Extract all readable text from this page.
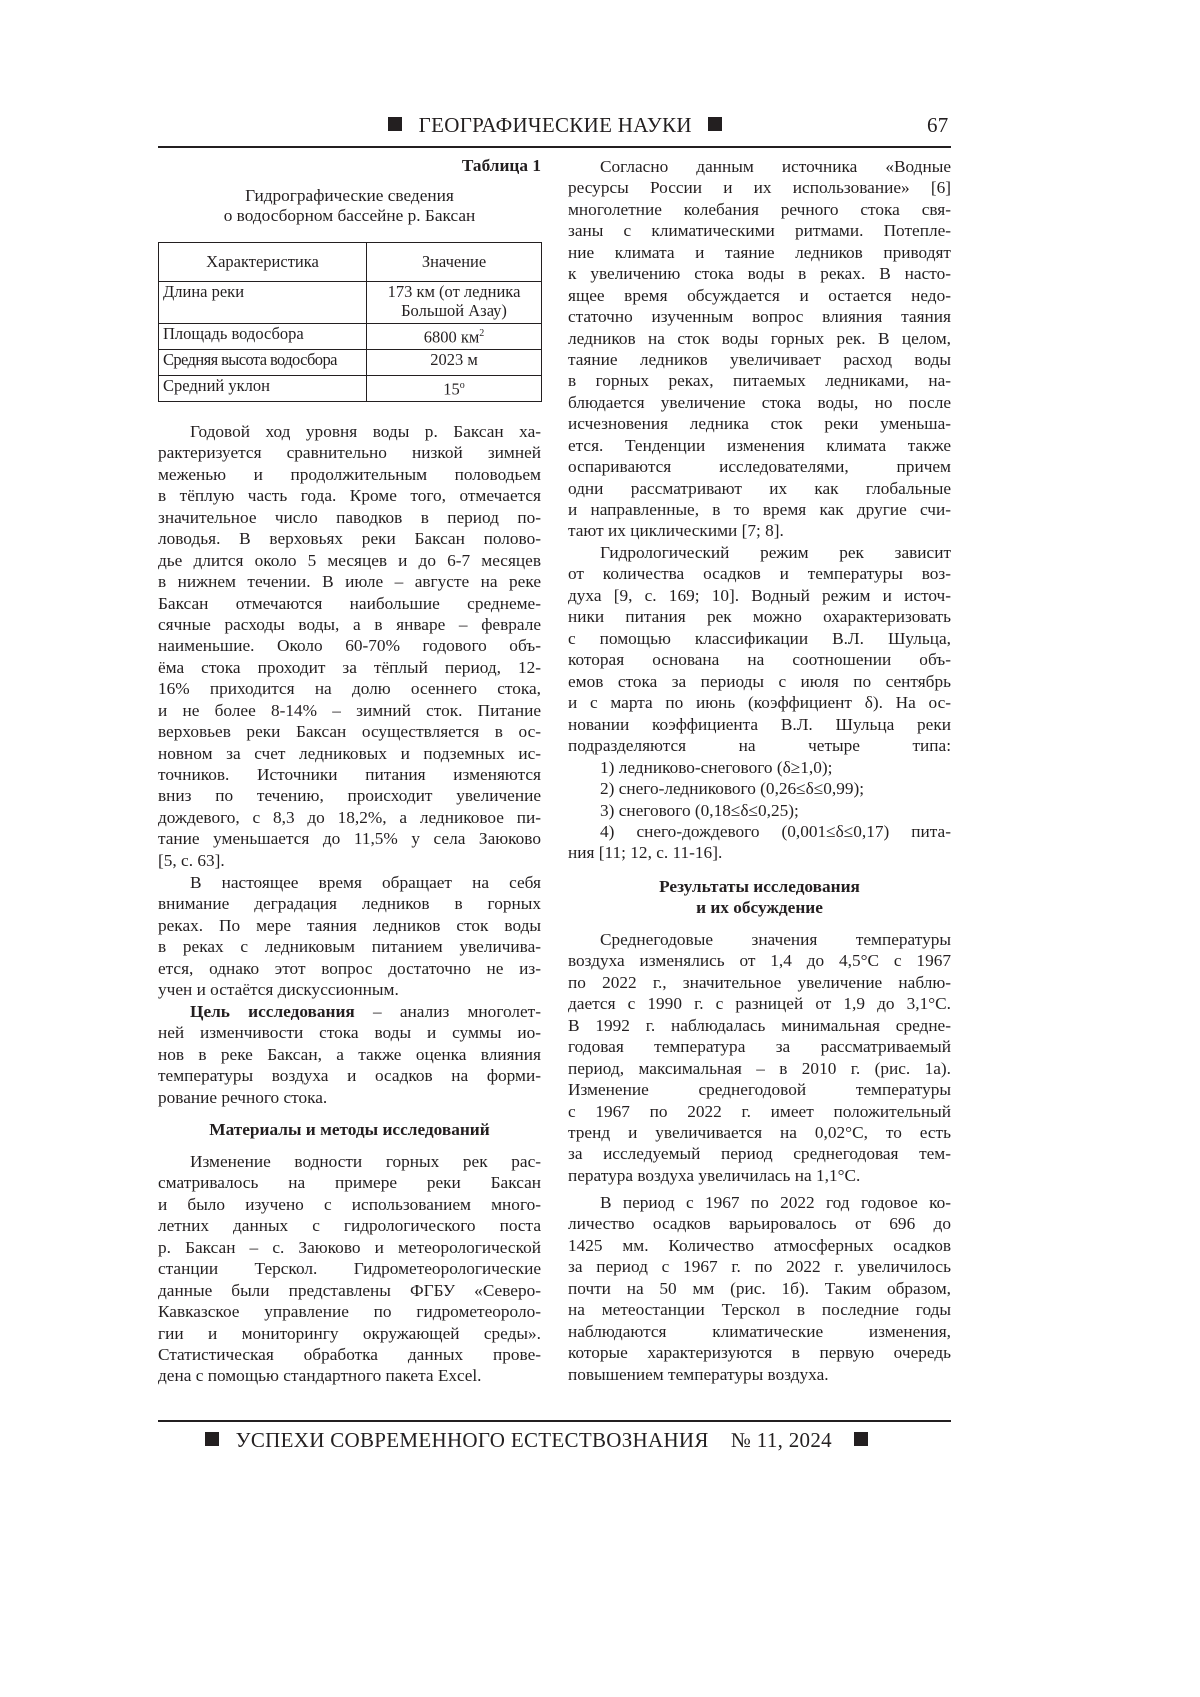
ГЕОГРАФИЧЕСКИЕ НАУКИ	67
Таблица 1
Гидрографические сведения
о водосборном бассейне р. Баксан
Характеристика	Значение
Длина реки	173 км (от ледника Большой Азау)
Площадь водосбора	6800 км2
Средняя высота водосбора	2023 м
Средний уклон	15о
Годовой ход уровня воды р. Баксан ха-
рактеризуется сравнительно низкой зимней
меженью и продолжительным половодьем
в тёплую часть года. Кроме того, отмечается
значительное число паводков в период по-
ловодья. В верховьях реки Баксан полово-
дье длится около 5 месяцев и до 6-7 месяцев
в нижнем течении. В июле – августе на реке
Баксан отмечаются наибольшие среднеме-
сячные расходы воды, а в январе – феврале
наименьшие. Около 60-70% годового объ-
ёма стока проходит за тёплый период, 12-
16% приходится на долю осеннего стока,
и не более 8-14% – зимний сток. Питание
верховьев реки Баксан осуществляется в ос-
новном за счет ледниковых и подземных ис-
точников. Источники питания изменяются
вниз по течению, происходит увеличение
дождевого, с 8,3 до 18,2%, а ледниковое пи-
тание уменьшается до 11,5% у села Заюково
[5, с. 63].
В настоящее время обращает на себя
внимание деградация ледников в горных
реках. По мере таяния ледников сток воды
в реках с ледниковым питанием увеличива-
ется, однако этот вопрос достаточно не из-
учен и остаётся дискуссионным.
Цель исследования – анализ многолет-
ней изменчивости стока воды и суммы ио-
нов в реке Баксан, а также оценка влияния
температуры воздуха и осадков на форми-
рование речного стока.
Материалы и методы исследований
Изменение водности горных рек рас-
сматривалось на примере реки Баксан
и было изучено с использованием много-
летних данных с гидрологического поста
р. Баксан – с. Заюково и метеорологической
станции Терскол. Гидрометеорологические
данные были представлены ФГБУ «Северо-
Кавказское управление по гидрометеороло-
гии и мониторингу окружающей среды».
Статистическая обработка данных прове-
дена с помощью стандартного пакета Excel.
Согласно данным источника «Водные
ресурсы России и их использование» [6]
многолетние колебания речного стока свя-
заны с климатическими ритмами. Потепле-
ние климата и таяние ледников приводят
к увеличению стока воды в реках. В насто-
ящее время обсуждается и остается недо-
статочно изученным вопрос влияния таяния
ледников на сток воды горных рек. В целом,
таяние ледников увеличивает расход воды
в горных реках, питаемых ледниками, на-
блюдается увеличение стока воды, но после
исчезновения ледника сток реки уменьша-
ется. Тенденции изменения климата также
оспариваются исследователями, причем
одни рассматривают их как глобальные
и направленные, в то время как другие счи-
тают их циклическими [7; 8].
Гидрологический режим рек зависит
от количества осадков и температуры воз-
духа [9, с. 169; 10]. Водный режим и источ-
ники питания рек можно охарактеризовать
с помощью классификации В.Л. Шульца,
которая основана на соотношении объ-
емов стока за периоды с июля по сентябрь
и с марта по июнь (коэффициент δ). На ос-
новании коэффициента В.Л. Шульца реки
подразделяются на четыре типа:
1) ледниково-снегового (δ≥1,0);
2) снего-ледникового (0,26≤δ≤0,99);
3) снегового (0,18≤δ≤0,25);
4) снего-дождевого (0,001≤δ≤0,17) пита-
ния [11; 12, с. 11-16].
Результаты исследования
и их обсуждение
Среднегодовые значения температуры
воздуха изменялись от 1,4 до 4,5°С с 1967
по 2022 г., значительное увеличение наблю-
дается с 1990 г. с разницей от 1,9 до 3,1°С.
В 1992 г. наблюдалась минимальная средне-
годовая температура за рассматриваемый
период, максимальная – в 2010 г. (рис. 1а).
Изменение среднегодовой температуры
с 1967 по 2022 г. имеет положительный
тренд и увеличивается на 0,02°С, то есть
за исследуемый период среднегодовая тем-
пература воздуха увеличилась на 1,1°С.
В период с 1967 по 2022 год годовое ко-
личество осадков варьировалось от 696 до
1425 мм. Количество атмосферных осадков
за период с 1967 г. по 2022 г. увеличилось
почти на 50 мм (рис. 1б). Таким образом,
на метеостанции Терскол в последние годы
наблюдаются климатические изменения,
которые характеризуются в первую очередь
повышением температуры воздуха.
УСПЕХИ СОВРЕМЕННОГО ЕСТЕСТВОЗНАНИЯ № 11, 2024
